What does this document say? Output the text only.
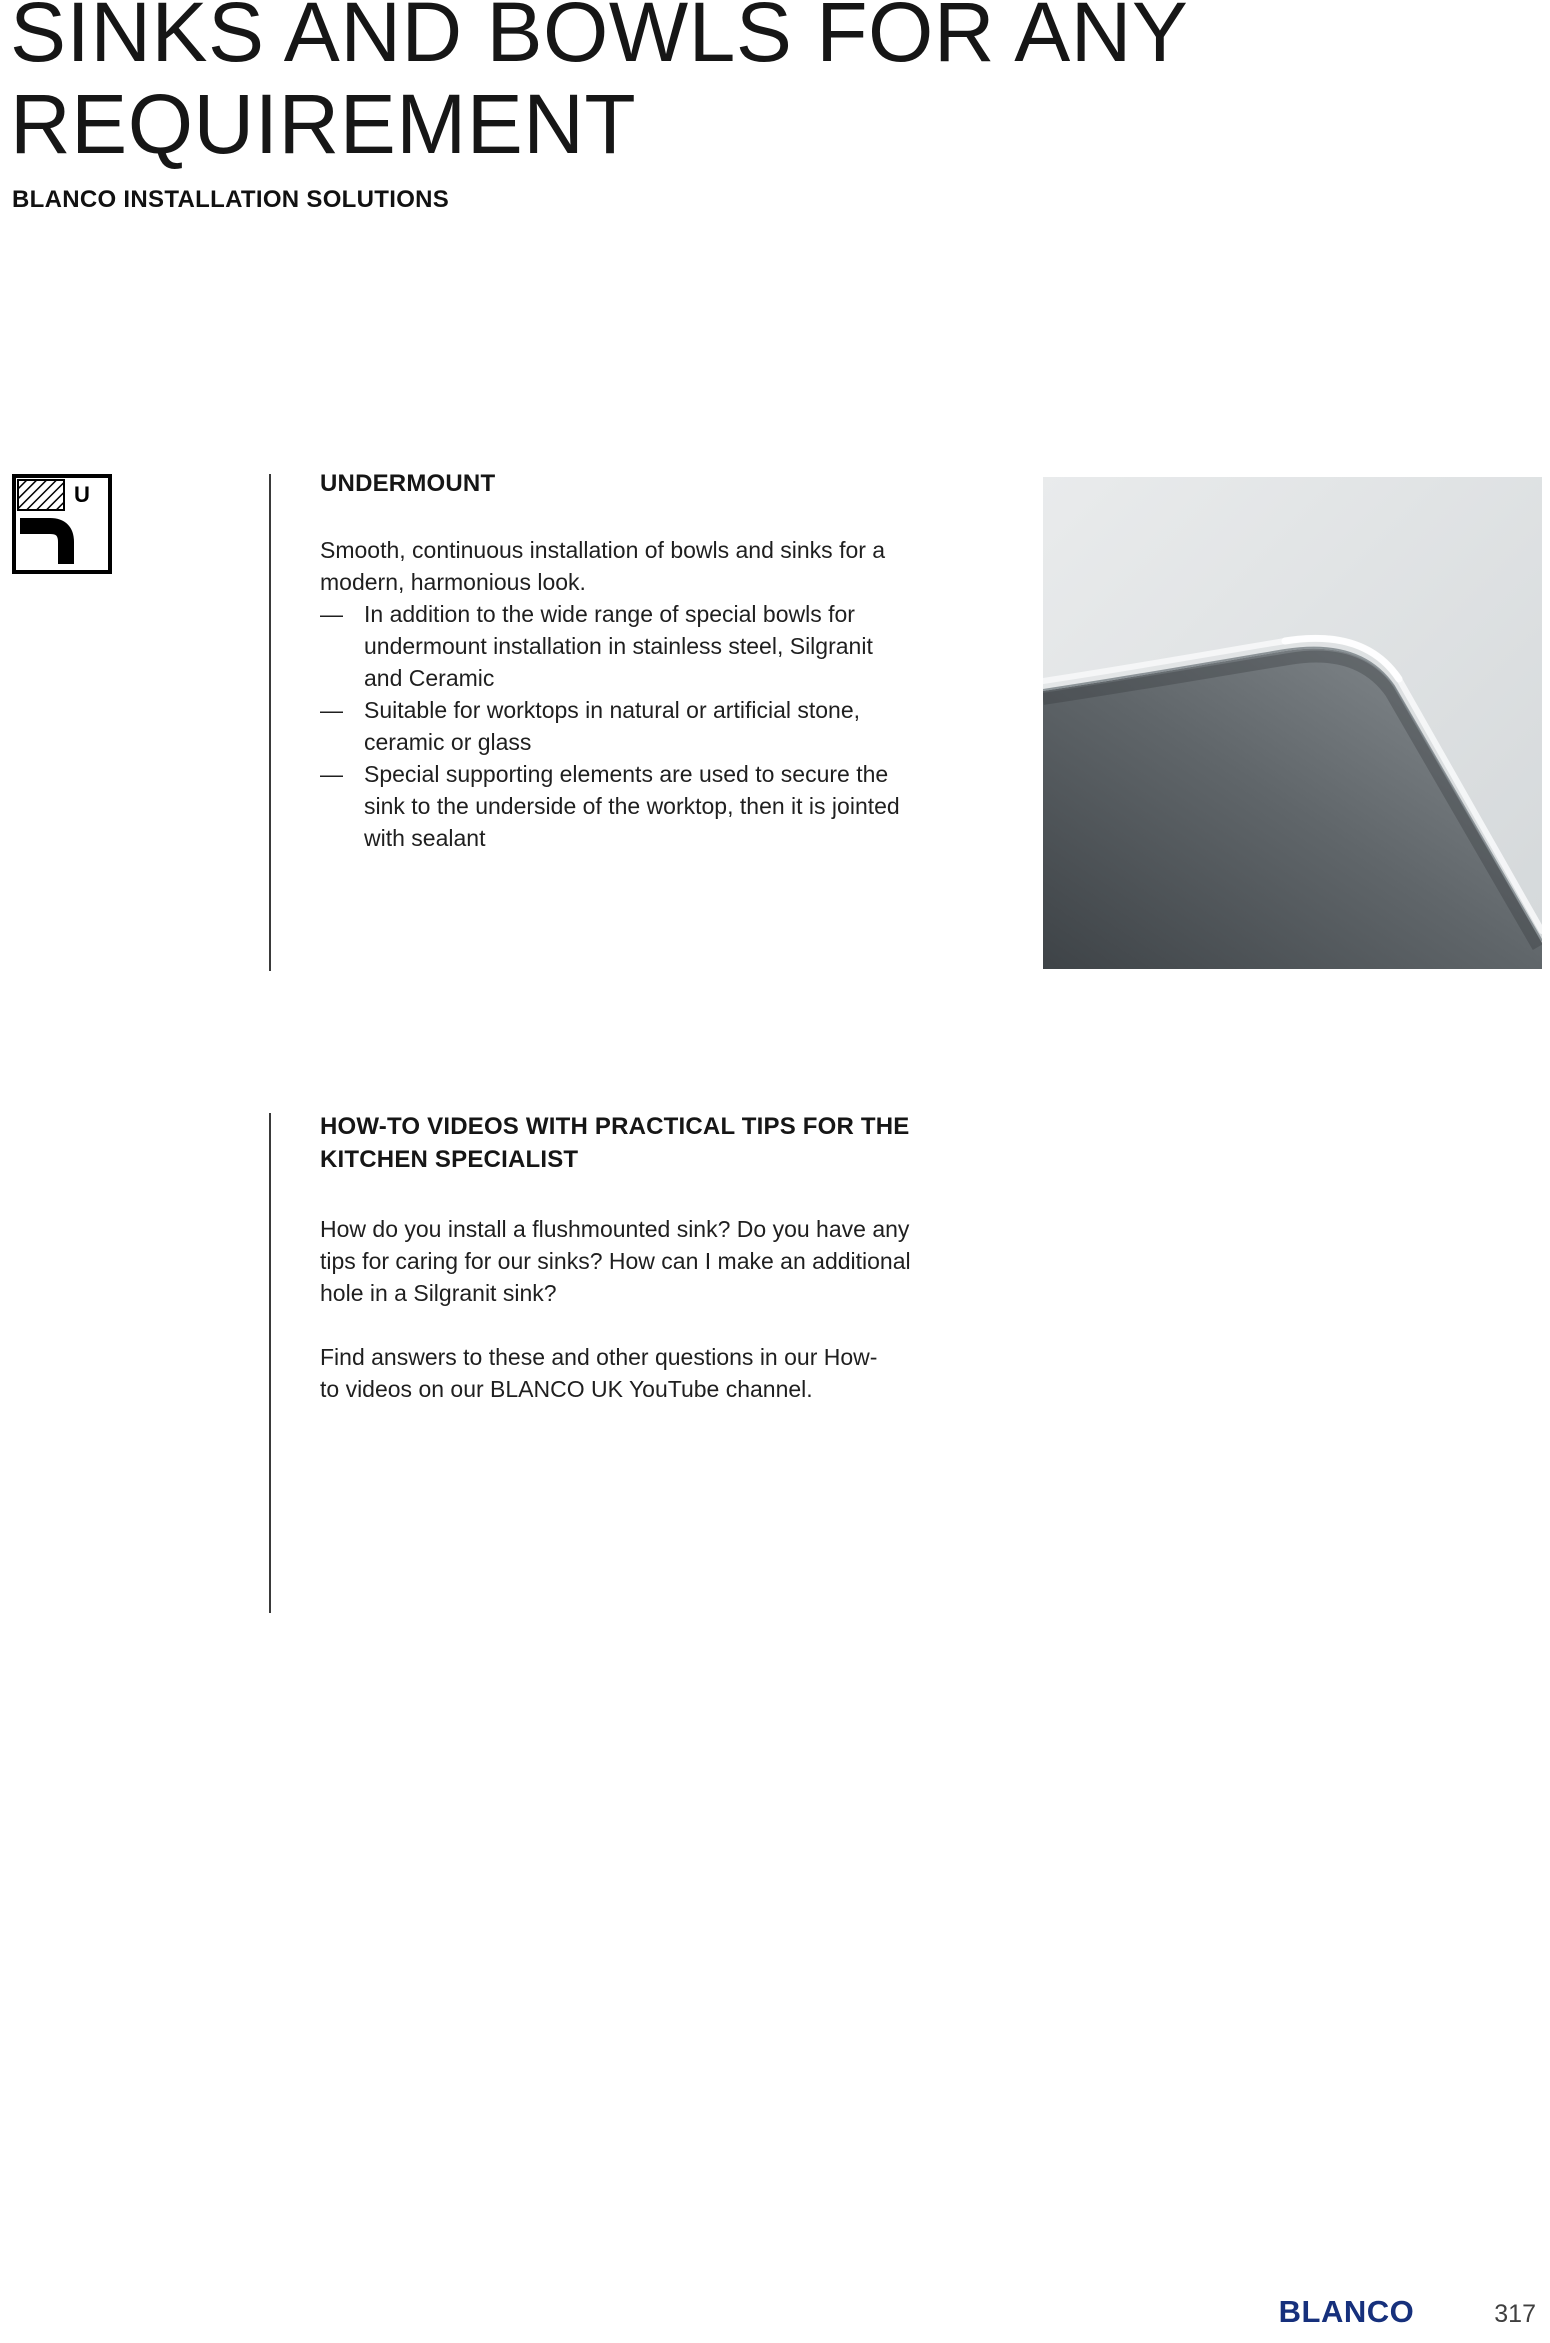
SINKS AND BOWLS FOR ANY
REQUIREMENT
BLANCO INSTALLATION SOLUTIONS
U	UNDERMOUNT

Smooth, continuous installation of bowls and sinks for a modern, harmonious look.

— In addition to the wide range of special bowls for undermount installation in stainless steel, Silgranit and Ceramic
— Suitable for worktops in natural or artificial stone, ceramic or glass
— Special supporting elements are used to secure the sink to the underside of the worktop, then it is jointed with sealant
HOW-TO VIDEOS WITH PRACTICAL TIPS FOR THE KITCHEN SPECIALIST

How do you install a flushmounted sink? Do you have any tips for caring for our sinks? How can I make an additional hole in a Silgranit sink?

Find answers to these and other questions in our How-to videos on our BLANCO UK YouTube channel.

BLANCO	317
